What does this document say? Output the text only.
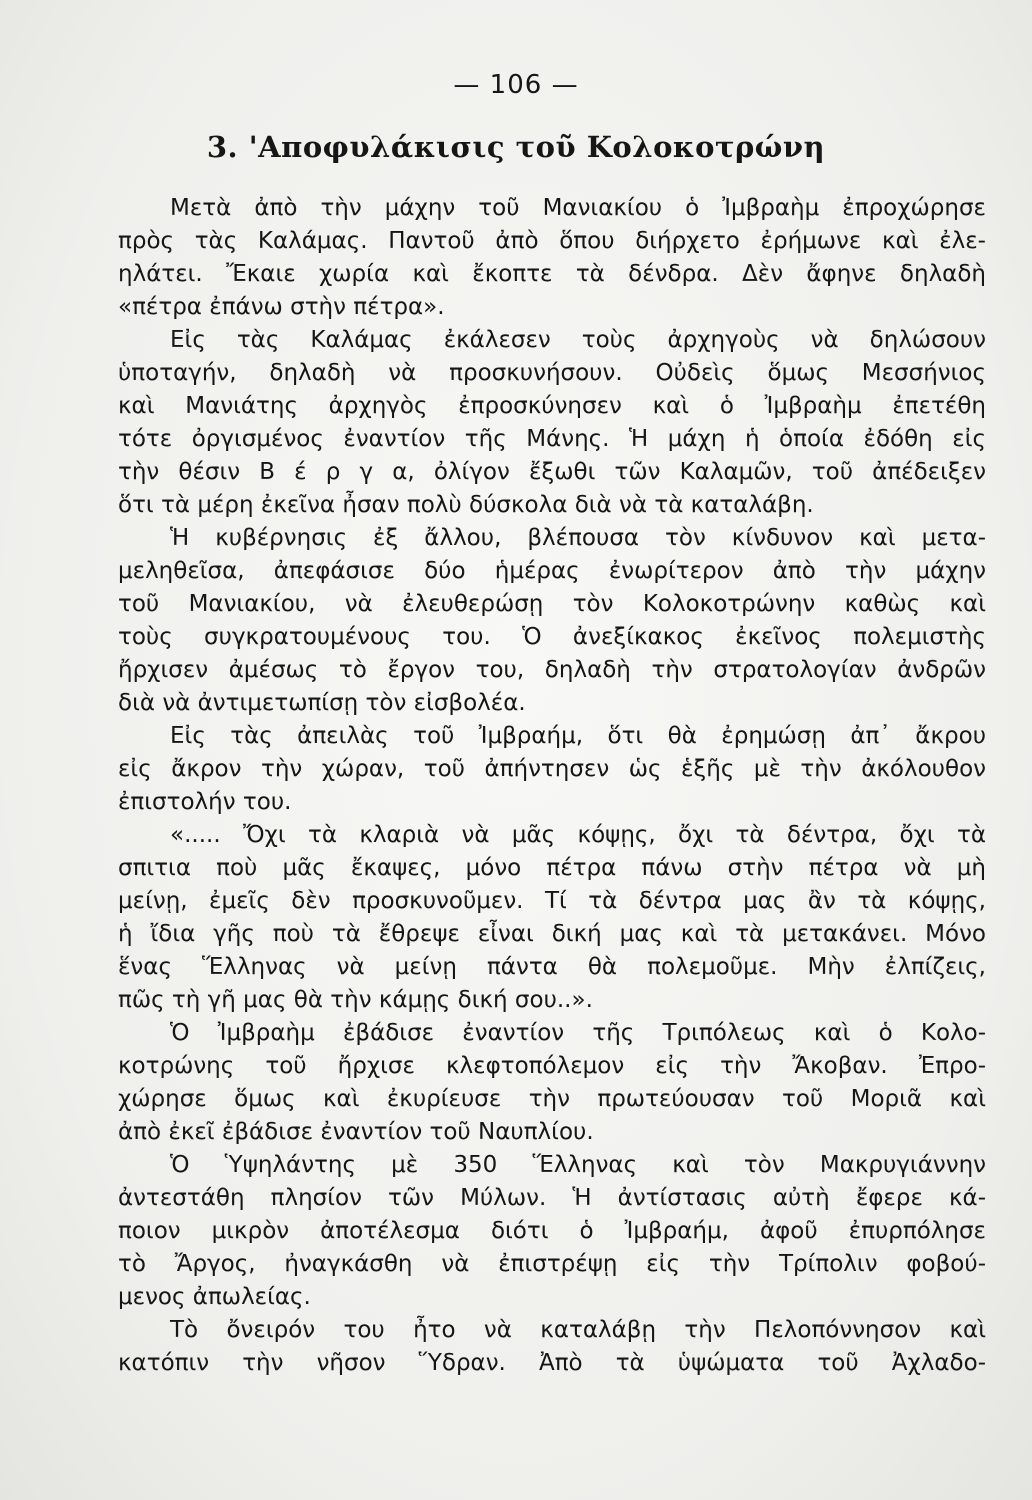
— 106 —
3. 'Αποφυλάκισις τοῦ Κολοκοτρώνη
Μετὰ ἀπὸ τὴν μάχην τοῦ Μανιακίου ὁ Ἰμβραὴμ ἐπροχώρησε
πρὸς τὰς Καλάμας. Παντοῦ ἀπὸ ὅπου διήρχετο ἐρήμωνε καὶ ἐλε-
ηλάτει. Ἔκαιε χωρία καὶ ἔκοπτε τὰ δένδρα. Δὲν ἄφηνε δηλαδὴ
«πέτρα ἐπάνω στὴν πέτρα».
Εἰς τὰς Καλάμας ἐκάλεσεν τοὺς ἀρχηγοὺς νὰ δηλώσουν
ὑποταγήν, δηλαδὴ νὰ προσκυνήσουν. Οὐδεὶς ὅμως Μεσσήνιος
καὶ Μανιάτης ἀρχηγὸς ἐπροσκύνησεν καὶ ὁ Ἰμβραὴμ ἐπετέθη
τότε ὀργισμένος ἐναντίον τῆς Μάνης. Ἡ μάχη ἡ ὁποία ἐδόθη εἰς
τὴν θέσιν Β έ ρ γ α, ὀλίγον ἔξωθι τῶν Καλαμῶν, τοῦ ἀπέδειξεν
ὅτι τὰ μέρη ἐκεῖνα ἦσαν πολὺ δύσκολα διὰ νὰ τὰ καταλάβη.
Ἡ κυβέρνησις ἐξ ἄλλου, βλέπουσα τὸν κίνδυνον καὶ μετα-
μεληθεῖσα, ἀπεφάσισε δύο ἡμέρας ἐνωρίτερον ἀπὸ τὴν μάχην
τοῦ Μανιακίου, νὰ ἐλευθερώσῃ τὸν Κολοκοτρώνην καθὼς καὶ
τοὺς συγκρατουμένους του. Ὁ ἀνεξίκακος ἐκεῖνος πολεμιστὴς
ἤρχισεν ἀμέσως τὸ ἔργον του, δηλαδὴ τὴν στρατολογίαν ἀνδρῶν
διὰ νὰ ἀντιμετωπίσῃ τὸν εἰσβολέα.
Εἰς τὰς ἀπειλὰς τοῦ Ἰμβραήμ, ὅτι θὰ ἐρημώσῃ ἀπ᾿ ἄκρου
εἰς ἄκρον τὴν χώραν, τοῦ ἀπήντησεν ὡς ἑξῆς μὲ τὴν ἀκόλουθον
ἐπιστολήν του.
«..... Ὄχι τὰ κλαριὰ νὰ μᾶς κόψῃς, ὄχι τὰ δέντρα, ὄχι τὰ
σπιτια ποὺ μᾶς ἔκαψες, μόνο πέτρα πάνω στὴν πέτρα νὰ μὴ
μείνῃ, ἐμεῖς δὲν προσκυνοῦμεν. Τί τὰ δέντρα μας ἂν τὰ κόψῃς,
ἡ ἴδια γῆς ποὺ τὰ ἔθρεψε εἶναι δική μας καὶ τὰ μετακάνει. Μόνο
ἕνας Ἕλληνας νὰ μείνῃ πάντα θὰ πολεμοῦμε. Μὴν ἐλπίζεις,
πῶς τὴ γῆ μας θὰ τὴν κάμῃς δική σου..».
Ὁ Ἰμβραὴμ ἐβάδισε ἐναντίον τῆς Τριπόλεως καὶ ὁ Κολο-
κοτρώνης τοῦ ἤρχισε κλεφτοπόλεμον εἰς τὴν Ἄκοβαν. Ἐπρο-
χώρησε ὅμως καὶ ἐκυρίευσε τὴν πρωτεύουσαν τοῦ Μοριᾶ καὶ
ἀπὸ ἐκεῖ ἐβάδισε ἐναντίον τοῦ Ναυπλίου.
Ὁ Ὑψηλάντης μὲ 350 Ἕλληνας καὶ τὸν Μακρυγιάννην
ἀντεστάθη πλησίον τῶν Μύλων. Ἡ ἀντίστασις αὐτὴ ἔφερε κά-
ποιον μικρὸν ἀποτέλεσμα διότι ὁ Ἰμβραήμ, ἀφοῦ ἐπυρπόλησε
τὸ Ἄργος, ἠναγκάσθη νὰ ἐπιστρέψῃ εἰς τὴν Τρίπολιν φοβού-
μενος ἀπωλείας.
Τὸ ὄνειρόν του ἦτο νὰ καταλάβῃ τὴν Πελοπόννησον καὶ
κατόπιν τὴν νῆσον Ὕδραν. Ἀπὸ τὰ ὑψώματα τοῦ Ἀχλαδο-
